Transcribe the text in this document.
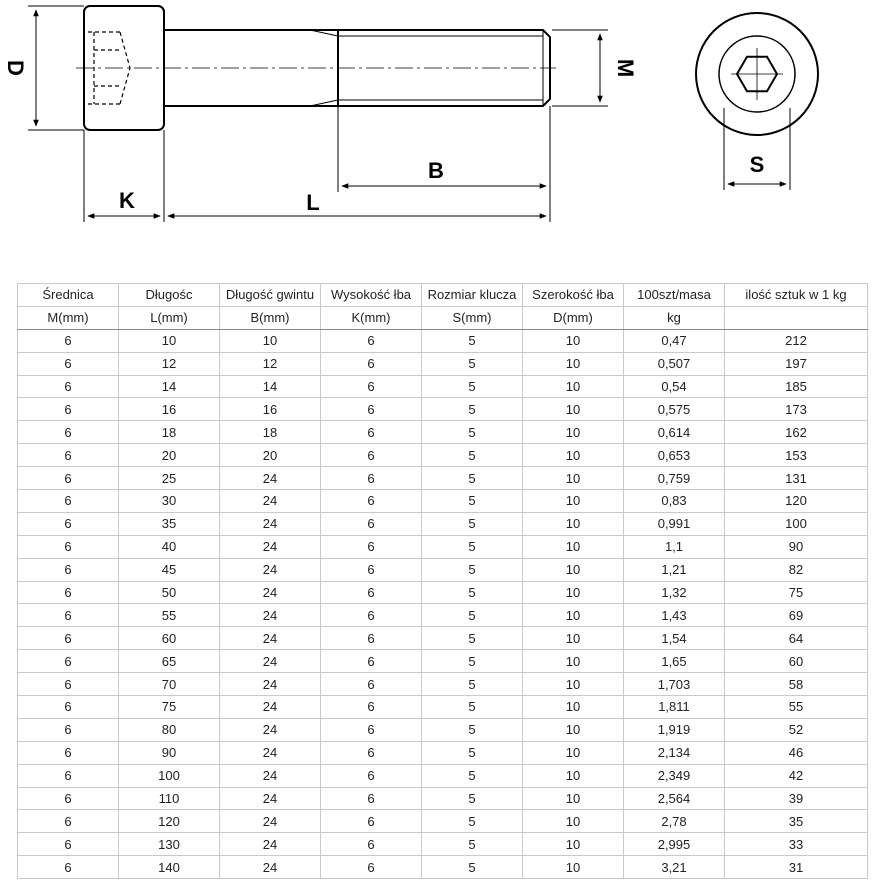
D	M
K	L
B	S
Średnica	Długośc	Długość gwintu	Wysokość łba	Rozmiar klucza	Szerokość łba	100szt/masa	ilość sztuk w 1 kg
M(mm)	L(mm)	B(mm)	K(mm)	S(mm)	D(mm)	kg	
6	10	10	6	5	10	0,47	212
6	12	12	6	5	10	0,507	197
6	14	14	6	5	10	0,54	185
6	16	16	6	5	10	0,575	173
6	18	18	6	5	10	0,614	162
6	20	20	6	5	10	0,653	153
6	25	24	6	5	10	0,759	131
6	30	24	6	5	10	0,83	120
6	35	24	6	5	10	0,991	100
6	40	24	6	5	10	1,1	90
6	45	24	6	5	10	1,21	82
6	50	24	6	5	10	1,32	75
6	55	24	6	5	10	1,43	69
6	60	24	6	5	10	1,54	64
6	65	24	6	5	10	1,65	60
6	70	24	6	5	10	1,703	58
6	75	24	6	5	10	1,811	55
6	80	24	6	5	10	1,919	52
6	90	24	6	5	10	2,134	46
6	100	24	6	5	10	2,349	42
6	110	24	6	5	10	2,564	39
6	120	24	6	5	10	2,78	35
6	130	24	6	5	10	2,995	33
6	140	24	6	5	10	3,21	31
